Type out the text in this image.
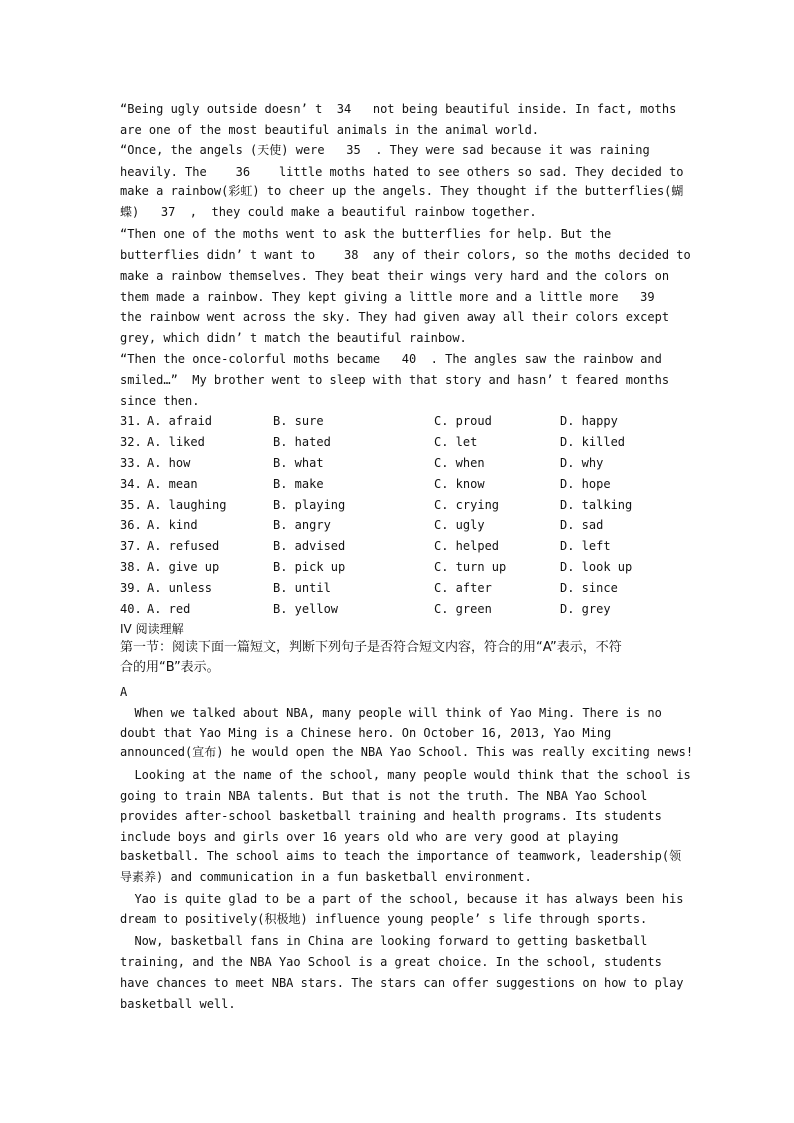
“Being ugly outside doesn’ t  34   not being beautiful inside. In fact, moths
are one of the most beautiful animals in the animal world.
“Once, the angels (天使) were   35  . They were sad because it was raining
heavily. The    36    little moths hated to see others so sad. They decided to
make a rainbow(彩虹) to cheer up the angels. They thought if the butterflies(蝴
蝶)   37  ,  they could make a beautiful rainbow together.
“Then one of the moths went to ask the butterflies for help. But the
butterflies didn’ t want to    38  any of their colors, so the moths decided to
make a rainbow themselves. They beat their wings very hard and the colors on
them made a rainbow. They kept giving a little more and a little more   39
the rainbow went across the sky. They had given away all their colors except
grey, which didn’ t match the beautiful rainbow.
“Then the once-colorful moths became   40  . The angles saw the rainbow and
smiled…”  My brother went to sleep with that story and hasn’ t feared months
since then.
31. A. afraid	B. sure	C. proud	D. happy
32. A. liked	B. hated	C. let	D. killed
33. A. how	B. what	C. when	D. why
34. A. mean	B. make	C. know	D. hope
35. A. laughing	B. playing	C. crying	D. talking
36. A. kind	B. angry	C. ugly	D. sad
37. A. refused	B. advised	C. helped	D. left
38. A. give up	B. pick up	C. turn up	D. look up
39. A. unless	B. until	C. after	D. since
40. A. red	B. yellow	C. green	D. grey
IV 阅读理解
第一节：阅读下面一篇短文，判断下列句子是否符合短文内容，符合的用“A”表示，不符
合的用“B”表示。
A
When we talked about NBA, many people will think of Yao Ming. There is no
doubt that Yao Ming is a Chinese hero. On October 16, 2013, Yao Ming
announced(宣布) he would open the NBA Yao School. This was really exciting news!
Looking at the name of the school, many people would think that the school is
going to train NBA talents. But that is not the truth. The NBA Yao School
provides after-school basketball training and health programs. Its students
include boys and girls over 16 years old who are very good at playing
basketball. The school aims to teach the importance of teamwork, leadership(领
导素养) and communication in a fun basketball environment.
Yao is quite glad to be a part of the school, because it has always been his
dream to positively(积极地) influence young people’ s life through sports.
Now, basketball fans in China are looking forward to getting basketball
training, and the NBA Yao School is a great choice. In the school, students
have chances to meet NBA stars. The stars can offer suggestions on how to play
basketball well.
